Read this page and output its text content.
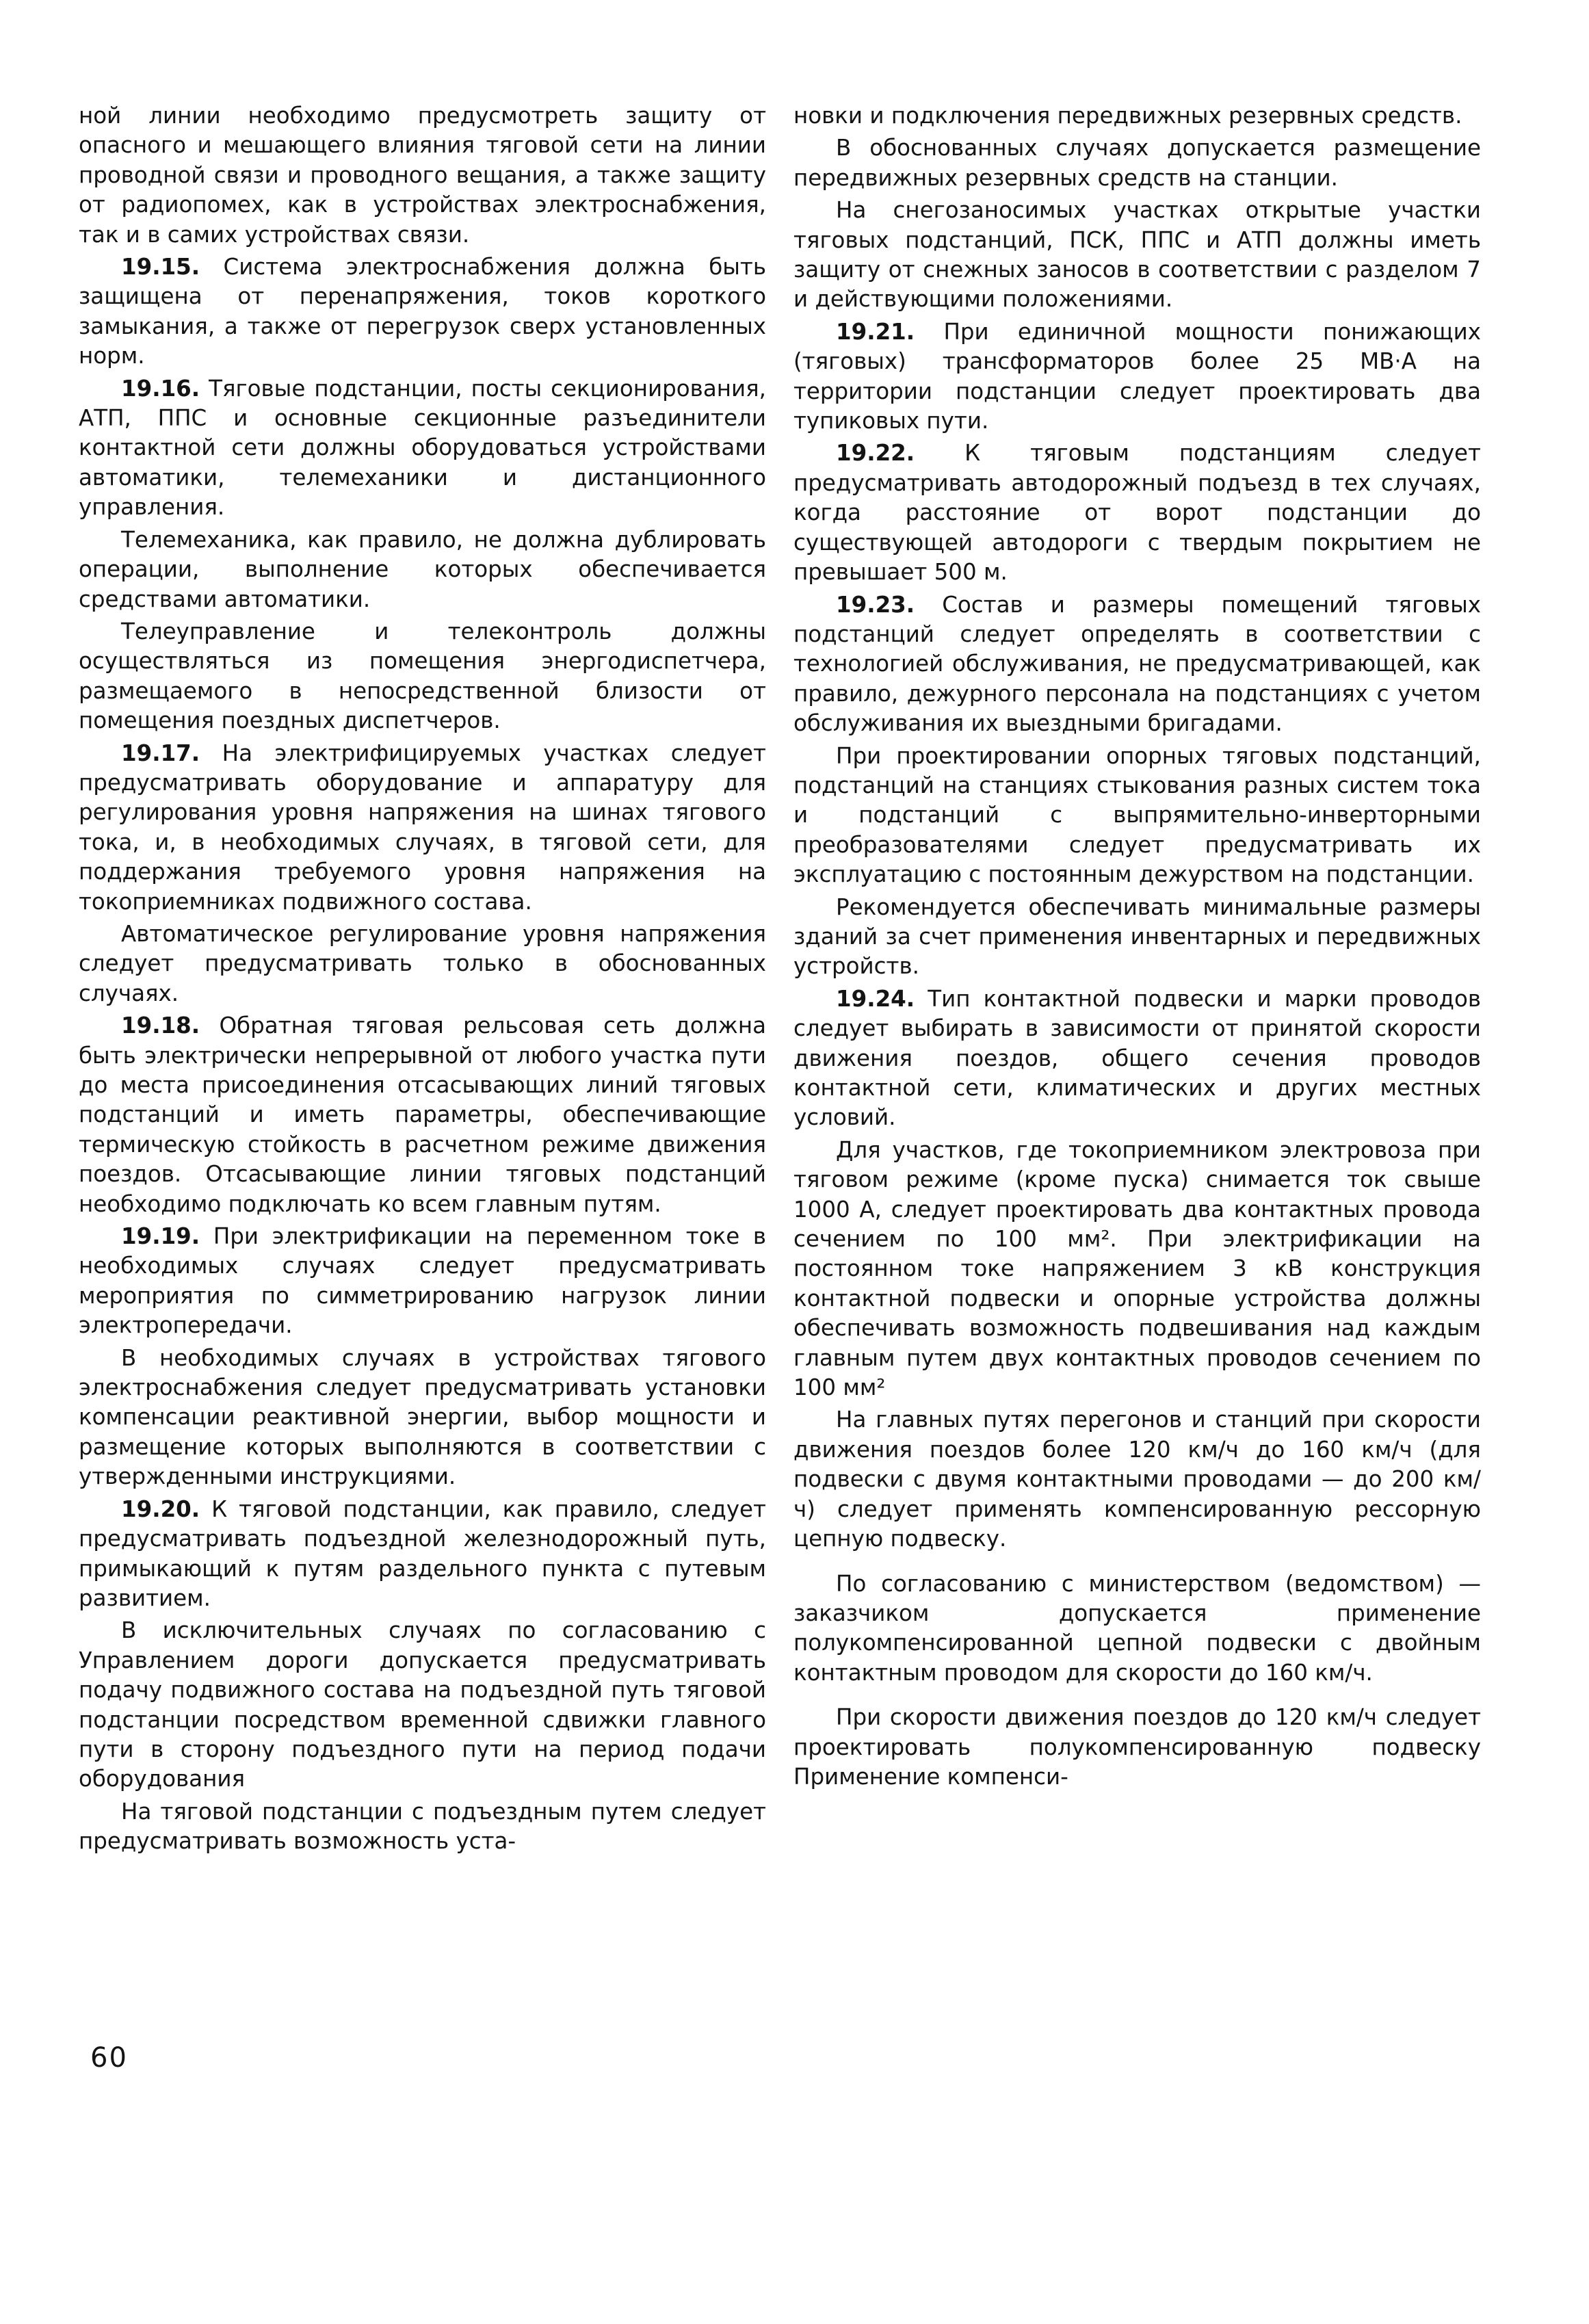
ной линии необходимо предусмотреть защиту от опасного и мешающего влияния тяговой сети на линии проводной связи и проводного вещания, а также защиту от радиопомех, как в устройствах электроснабжения, так и в самих устройствах связи.

19.15. Система электроснабжения должна быть защищена от перенапряжения, токов короткого замыкания, а также от перегрузок сверх установленных норм.

19.16. Тяговые подстанции, посты секционирования, АТП, ППС и основные секционные разъединители контактной сети должны оборудоваться устройствами автоматики, телемеханики и дистанционного управления.

Телемеханика, как правило, не должна дублировать операции, выполнение которых обеспечивается средствами автоматики.

Телеуправление и телеконтроль должны осуществляться из помещения энергодиспетчера, размещаемого в непосредственной близости от помещения поездных диспетчеров.

19.17. На электрифицируемых участках следует предусматривать оборудование и аппаратуру для регулирования уровня напряжения на шинах тягового тока, и, в необходимых случаях, в тяговой сети, для поддержания требуемого уровня напряжения на токоприемниках подвижного состава.

Автоматическое регулирование уровня напряжения следует предусматривать только в обоснованных случаях.

19.18. Обратная тяговая рельсовая сеть должна быть электрически непрерывной от любого участка пути до места присоединения отсасывающих линий тяговых подстанций и иметь параметры, обеспечивающие термическую стойкость в расчетном режиме движения поездов. Отсасывающие линии тяговых подстанций необходимо подключать ко всем главным путям.

19.19. При электрификации на переменном токе в необходимых случаях следует предусматривать мероприятия по симметрированию нагрузок линии электропередачи.

В необходимых случаях в устройствах тягового электроснабжения следует предусматривать установки компенсации реактивной энергии, выбор мощности и размещение которых выполняются в соответствии с утвержденными инструкциями.

19.20. К тяговой подстанции, как правило, следует предусматривать подъездной железнодорожный путь, примыкающий к путям раздельного пункта с путевым развитием.

В исключительных случаях по согласованию с Управлением дороги допускается предусматривать подачу подвижного состава на подъездной путь тяговой подстанции посредством временной сдвижки главного пути в сторону подъездного пути на период подачи оборудования

На тяговой подстанции с подъездным путем следует предусматривать возможность уста-

новки и подключения передвижных резервных средств.

В обоснованных случаях допускается размещение передвижных резервных средств на станции.

На снегозаносимых участках открытые участки тяговых подстанций, ПСК, ППС и АТП должны иметь защиту от снежных заносов в соответствии с разделом 7 и действующими положениями.

19.21. При единичной мощности понижающих (тяговых) трансформаторов более 25 МВ·А на территории подстанции следует проектировать два тупиковых пути.

19.22. К тяговым подстанциям следует предусматривать автодорожный подъезд в тех случаях, когда расстояние от ворот подстанции до существующей автодороги с твердым покрытием не превышает 500 м.

19.23. Состав и размеры помещений тяговых подстанций следует определять в соответствии с технологией обслуживания, не предусматривающей, как правило, дежурного персонала на подстанциях с учетом обслуживания их выездными бригадами.

При проектировании опорных тяговых подстанций, подстанций на станциях стыкования разных систем тока и подстанций с выпрямительно-инверторными преобразователями следует предусматривать их эксплуатацию с постоянным дежурством на подстанции.

Рекомендуется обеспечивать минимальные размеры зданий за счет применения инвентарных и передвижных устройств.

19.24. Тип контактной подвески и марки проводов следует выбирать в зависимости от принятой скорости движения поездов, общего сечения проводов контактной сети, климатических и других местных условий.

Для участков, где токоприемником электровоза при тяговом режиме (кроме пуска) снимается ток свыше 1000 А, следует проектировать два контактных провода сечением по 100 мм². При электрификации на постоянном токе напряжением 3 кВ конструкция контактной подвески и опорные устройства должны обеспечивать возможность подвешивания над каждым главным путем двух контактных проводов сечением по 100 мм²

На главных путях перегонов и станций при скорости движения поездов более 120 км/ч до 160 км/ч (для подвески с двумя контактными проводами — до 200 км/ч) следует применять компенсированную рессорную цепную подвеску.

По согласованию с министерством (ведомством) — заказчиком допускается применение полукомпенсированной цепной подвески с двойным контактным проводом для скорости до 160 км/ч.

При скорости движения поездов до 120 км/ч следует проектировать полукомпенсированную подвеску Применение компенси-

60
